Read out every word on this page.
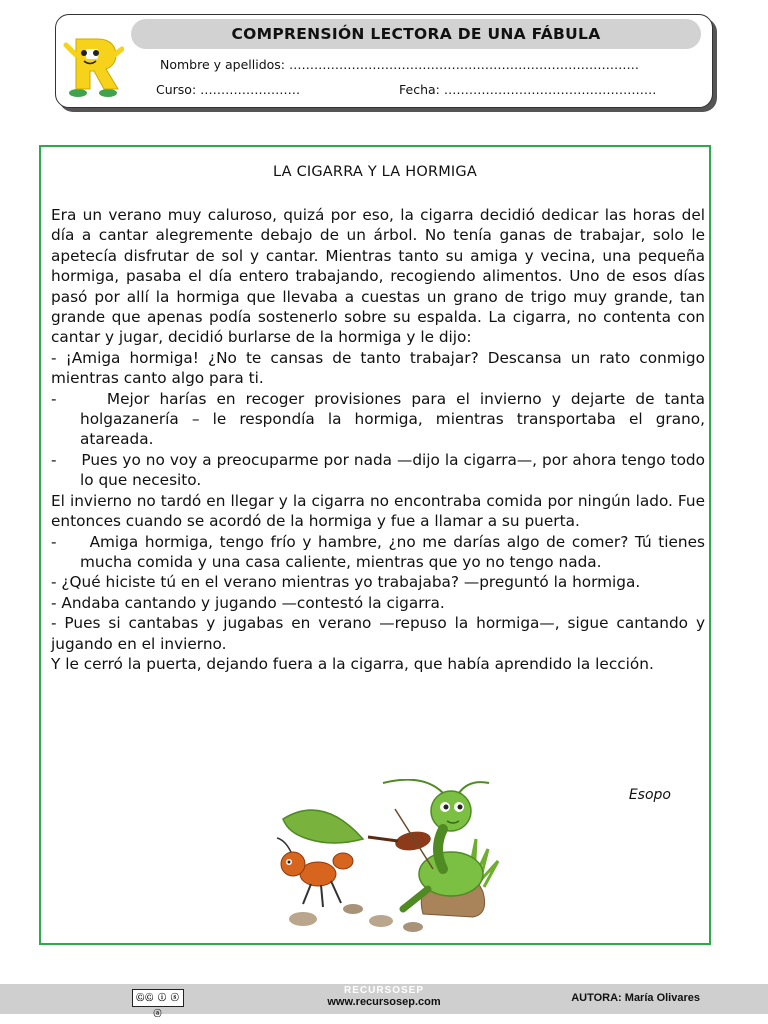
COMPRENSIÓN LECTORA DE UNA FÁBULA
Nombre y apellidos: …………………………………………………………………………
Curso: ……………………	Fecha: ……………………………………………
LA CIGARRA Y LA HORMIGA

Era un verano muy caluroso, quizá por eso, la cigarra decidió dedicar las horas del día a cantar alegremente debajo de un árbol. No tenía ganas de trabajar, solo le apetecía disfrutar de sol y cantar. Mientras tanto su amiga y vecina, una pequeña hormiga, pasaba el día entero trabajando, recogiendo alimentos. Uno de esos días pasó por allí la hormiga que llevaba a cuestas un grano de trigo muy grande, tan grande que apenas podía sostenerlo sobre su espalda. La cigarra, no contenta con cantar y jugar, decidió burlarse de la hormiga y le dijo:

- ¡Amiga hormiga! ¿No te cansas de tanto trabajar? Descansa un rato conmigo mientras canto algo para ti.

-     Mejor harías en recoger provisiones para el invierno y dejarte de tanta holgazanería – le respondía la hormiga, mientras transportaba el grano, atareada.

-     Pues yo no voy a preocuparme por nada —dijo la cigarra—, por ahora tengo todo lo que necesito.

El invierno no tardó en llegar y la cigarra no encontraba comida por ningún lado. Fue entonces cuando se acordó de la hormiga y fue a llamar a su puerta.

-     Amiga hormiga, tengo frío y hambre, ¿no me darías algo de comer? Tú tienes mucha comida y una casa caliente, mientras que yo no tengo nada.

- ¿Qué hiciste tú en el verano mientras yo trabajaba? —preguntó la hormiga.

- Andaba cantando y jugando —contestó la cigarra.

- Pues si cantabas y jugabas en verano —repuso la hormiga—, sigue cantando y jugando en el invierno.

Y le cerró la puerta, dejando fuera a la cigarra, que había aprendido la lección.

Esopo
ⒸⒸ ⓘ ⓢ ⓐ
RECURSOSEP
www.recursosep.com	AUTORA: María Olivares
